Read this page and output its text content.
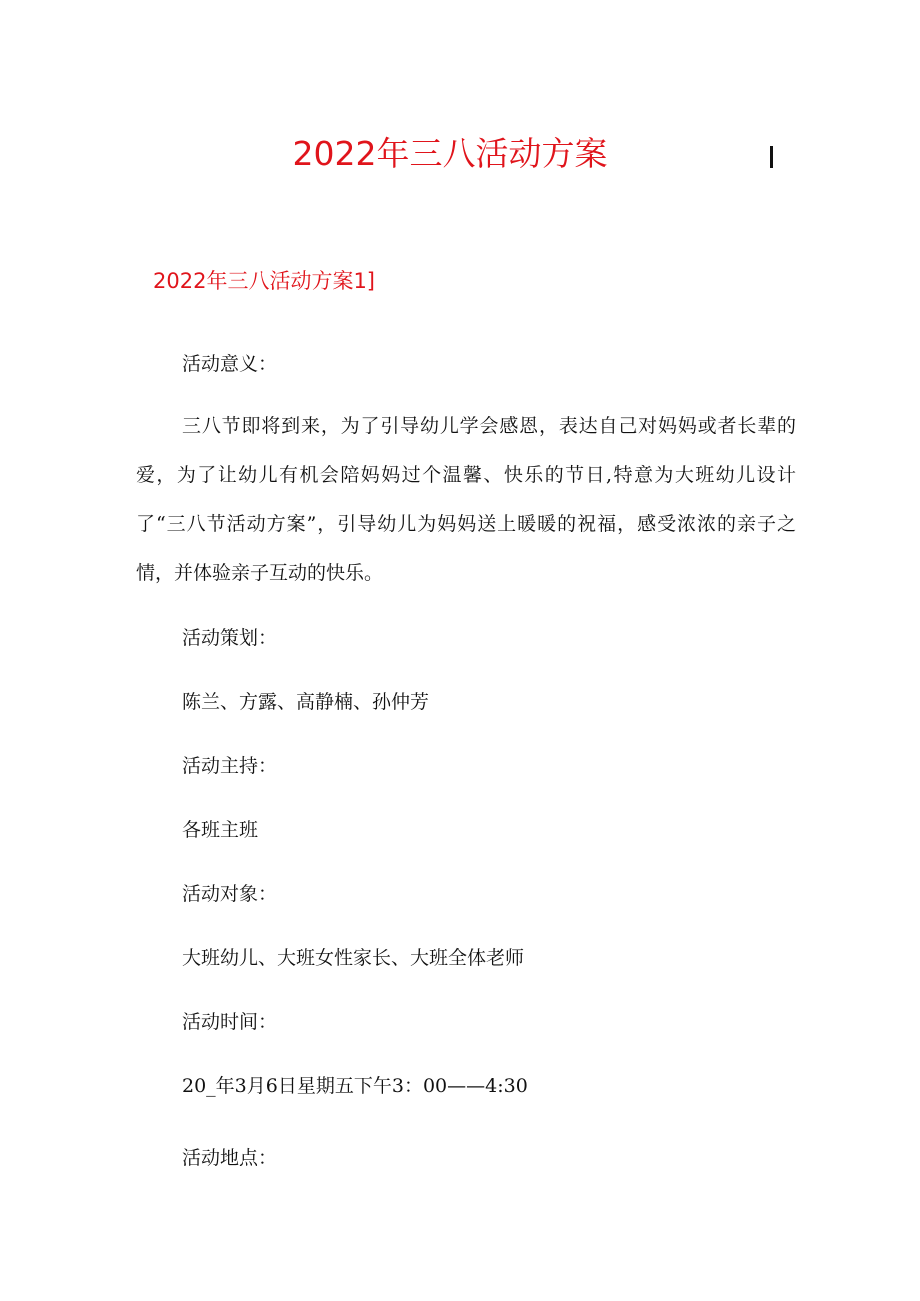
2022年三八活动方案
2022年三八活动方案1]

活动意义：

三八节即将到来，为了引导幼儿学会感恩，表达自己对妈妈或者长辈的爱，为了让幼儿有机会陪妈妈过个温馨、快乐的节日,特意为大班幼儿设计了“三八节活动方案”，引导幼儿为妈妈送上暖暖的祝福，感受浓浓的亲子之情，并体验亲子互动的快乐。

活动策划：

陈兰、方露、高静楠、孙仲芳

活动主持：

各班主班

活动对象：

大班幼儿、大班女性家长、大班全体老师

活动时间：

20_年3月6日星期五下午3：00——4:30

活动地点：
